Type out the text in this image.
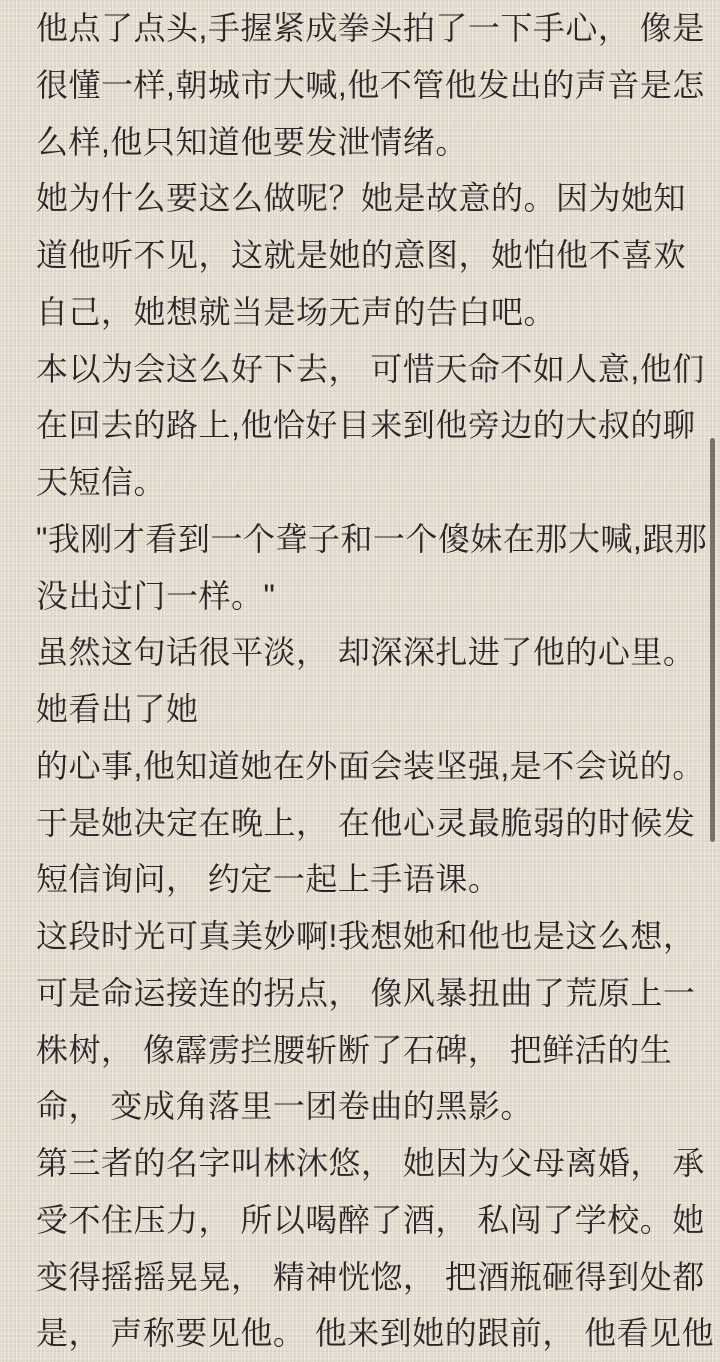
他点了点头,手握紧成拳头拍了一下手心， 像是
很懂一样,朝城市大喊,他不管他发出的声音是怎
么样,他只知道他要发泄情绪。
她为什么要这么做呢？她是故意的。因为她知
道他听不见，这就是她的意图，她怕他不喜欢
自己，她想就当是场无声的告白吧。
本以为会这么好下去， 可惜天命不如人意,他们
在回去的路上,他恰好目来到他旁边的大叔的聊
天短信。
"我刚才看到一个聋子和一个傻妹在那大喊,跟那
没出过门一样。"
虽然这句话很平淡， 却深深扎进了他的心里。
她看出了她
的心事,他知道她在外面会装坚强,是不会说的。
于是她决定在晚上， 在他心灵最脆弱的时候发
短信询问， 约定一起上手语课。
这段时光可真美妙啊!我想她和他也是这么想，
可是命运接连的拐点， 像风暴扭曲了荒原上一
株树， 像霹雳拦腰斩断了石碑， 把鲜活的生
命， 变成角落里一团卷曲的黑影。
第三者的名字叫林沐悠， 她因为父母离婚， 承
受不住压力， 所以喝醉了酒， 私闯了学校。她
变得摇摇晃晃， 精神恍惚， 把酒瓶砸得到处都
是， 声称要见他。 他来到她的跟前， 他看见他
